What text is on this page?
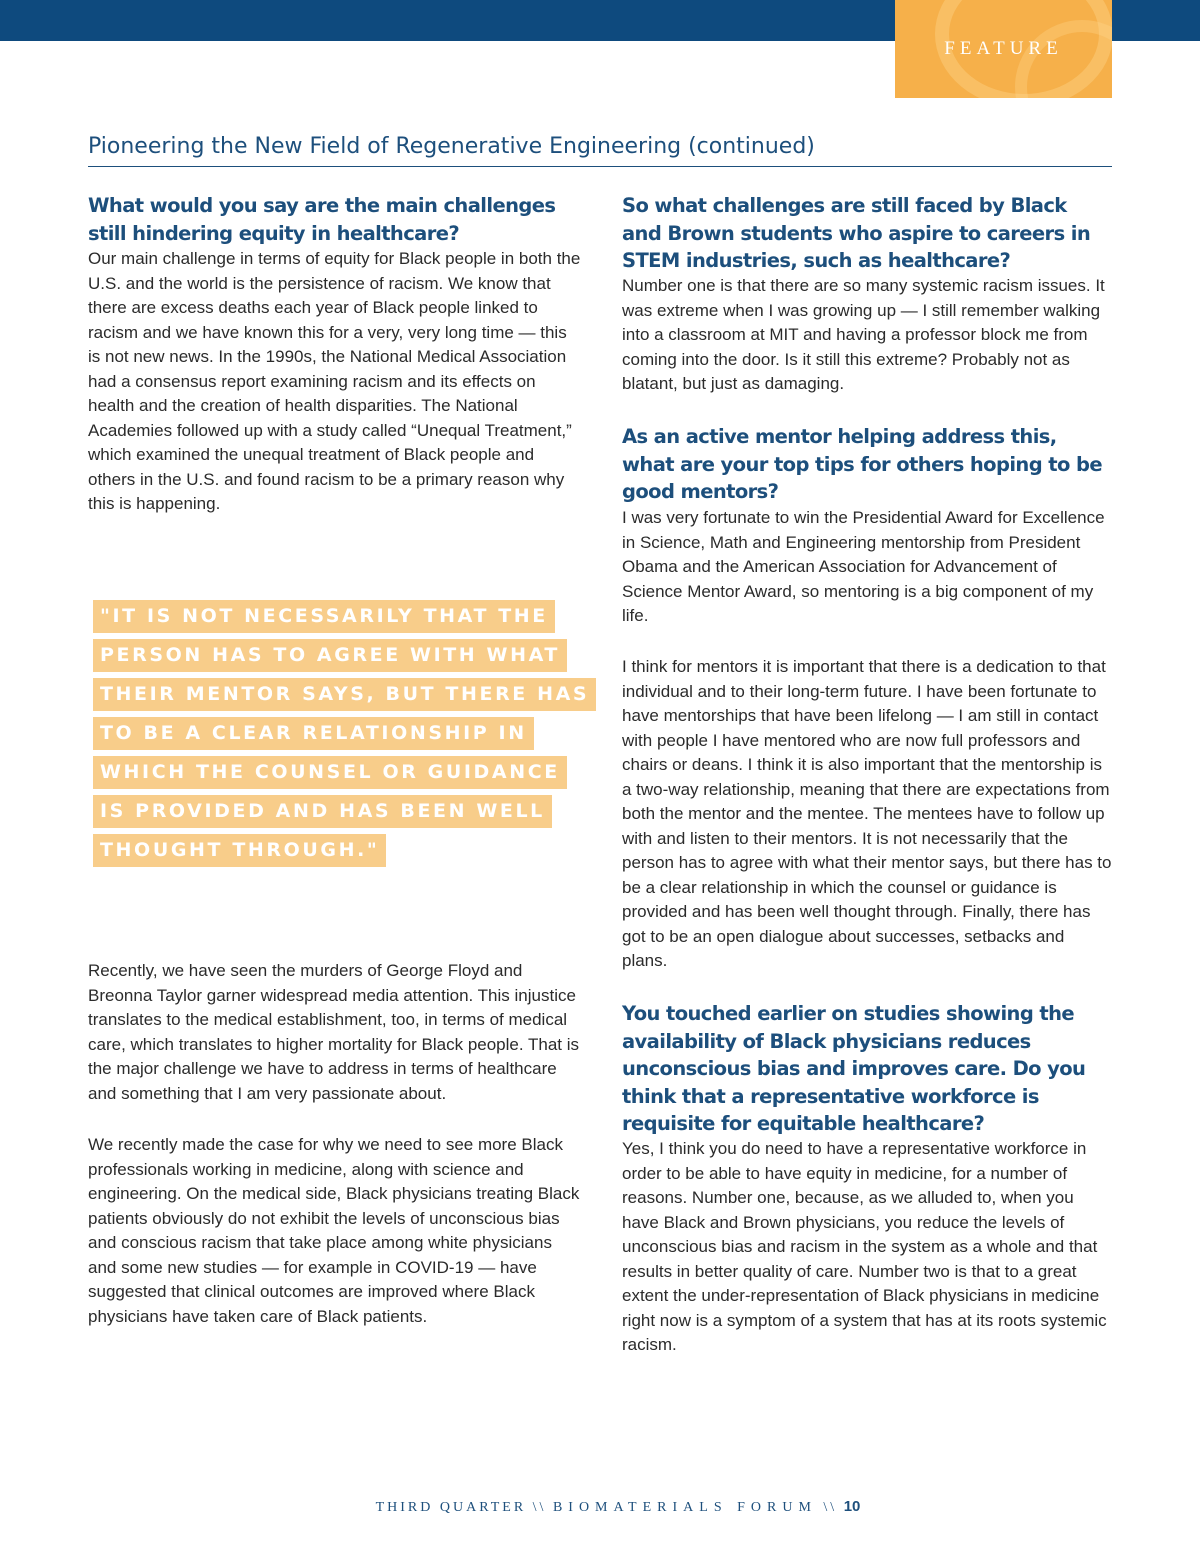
FEATURE
Pioneering the New Field of Regenerative Engineering (continued)
What would you say are the main challenges still hindering equity in healthcare?

Our main challenge in terms of equity for Black people in both the U.S. and the world is the persistence of racism. We know that there are excess deaths each year of Black people linked to racism and we have known this for a very, very long time — this is not new news. In the 1990s, the National Medical Association had a consensus report examining racism and its effects on health and the creation of health disparities. The National Academies followed up with a study called “Unequal Treatment,” which examined the unequal treatment of Black people and others in the U.S. and found racism to be a primary reason why this is happening.

Recently, we have seen the murders of George Floyd and Breonna Taylor garner widespread media attention. This injustice translates to the medical establishment, too, in terms of medical care, which translates to higher mortality for Black people. That is the major challenge we have to address in terms of healthcare and something that I am very passionate about.

We recently made the case for why we need to see more Black professionals working in medicine, along with science and engineering. On the medical side, Black physicians treating Black patients obviously do not exhibit the levels of unconscious bias and conscious racism that take place among white physicians and some new studies — for example in COVID-19 — have suggested that clinical outcomes are improved where Black physicians have taken care of Black patients.

"IT IS NOT NECESSARILY THAT THE
PERSON HAS TO AGREE WITH WHAT
THEIR MENTOR SAYS, BUT THERE HAS
TO BE A CLEAR RELATIONSHIP IN
WHICH THE COUNSEL OR GUIDANCE
IS PROVIDED AND HAS BEEN WELL
THOUGHT THROUGH."
So what challenges are still faced by Black and Brown students who aspire to careers in STEM industries, such as healthcare?

Number one is that there are so many systemic racism issues. It was extreme when I was growing up — I still remember walking into a classroom at MIT and having a professor block me from coming into the door. Is it still this extreme? Probably not as blatant, but just as damaging.

As an active mentor helping address this, what are your top tips for others hoping to be good mentors?

I was very fortunate to win the Presidential Award for Excellence in Science, Math and Engineering mentorship from President Obama and the American Association for Advancement of Science Mentor Award, so mentoring is a big component of my life.

I think for mentors it is important that there is a dedication to that individual and to their long-term future. I have been fortunate to have mentorships that have been lifelong — I am still in contact with people I have mentored who are now full professors and chairs or deans. I think it is also important that the mentorship is a two-way relationship, meaning that there are expectations from both the mentor and the mentee. The mentees have to follow up with and listen to their mentors. It is not necessarily that the person has to agree with what their mentor says, but there has to be a clear relationship in which the counsel or guidance is provided and has been well thought through. Finally, there has got to be an open dialogue about successes, setbacks and plans.

You touched earlier on studies showing the availability of Black physicians reduces unconscious bias and improves care. Do you think that a representative workforce is requisite for equitable healthcare?

Yes, I think you do need to have a representative workforce in order to be able to have equity in medicine, for a number of reasons. Number one, because, as we alluded to, when you have Black and Brown physicians, you reduce the levels of unconscious bias and racism in the system as a whole and that results in better quality of care. Number two is that to a great extent the under-representation of Black physicians in medicine right now is a symptom of a system that has at its roots systemic racism.

THIRD QUARTER \\ BIOMATERIALS FORUM \\ 10
